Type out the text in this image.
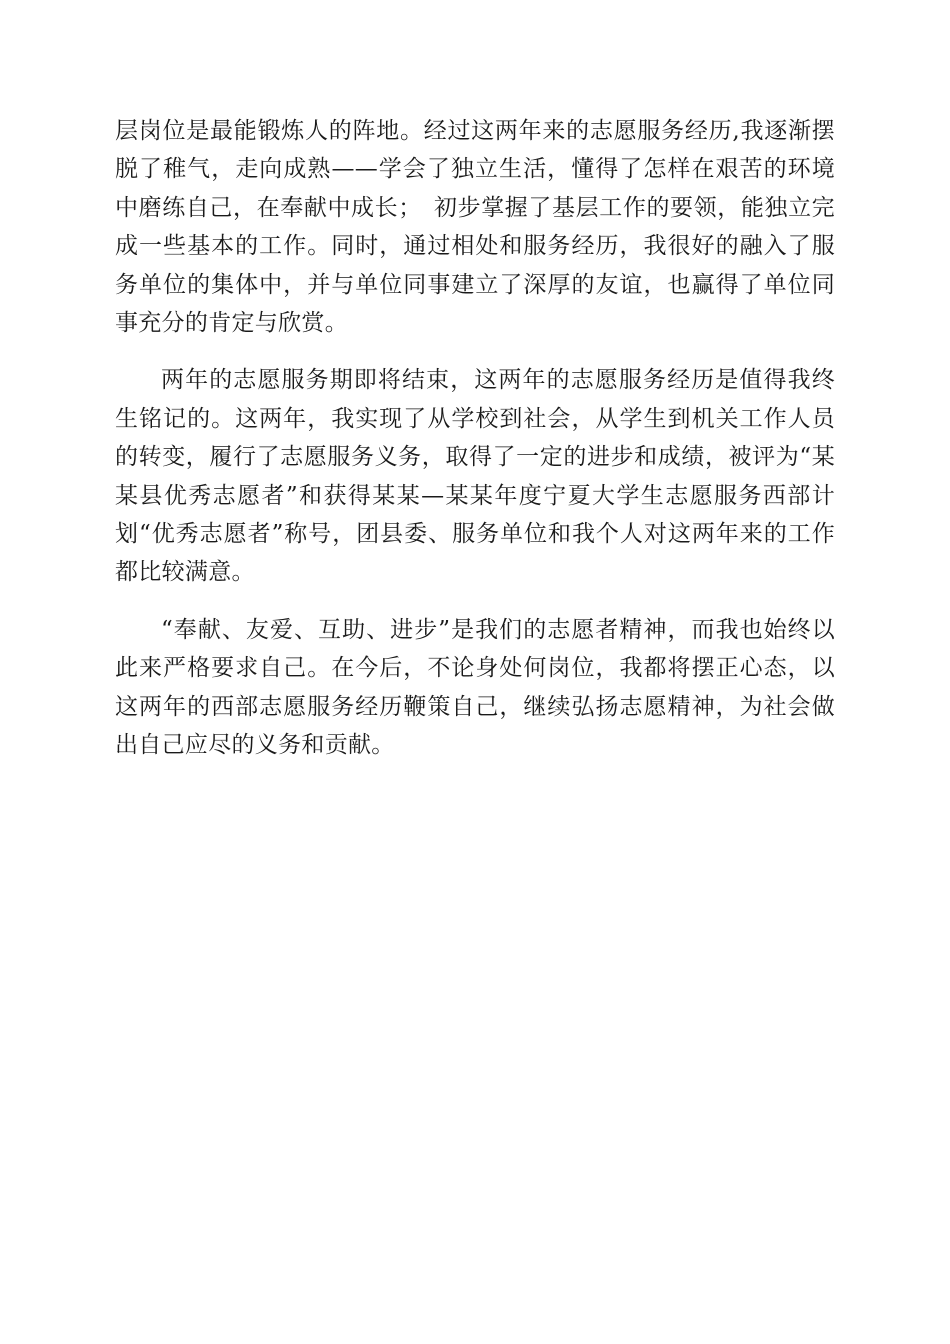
层岗位是最能锻炼人的阵地。经过这两年来的志愿服务经历,我逐渐摆脱了稚气，走向成熟——学会了独立生活，懂得了怎样在艰苦的环境中磨练自己，在奉献中成长；　初步掌握了基层工作的要领，能独立完成一些基本的工作。同时，通过相处和服务经历，我很好的融入了服务单位的集体中，并与单位同事建立了深厚的友谊，也赢得了单位同事充分的肯定与欣赏。

两年的志愿服务期即将结束，这两年的志愿服务经历是值得我终生铭记的。这两年，我实现了从学校到社会，从学生到机关工作人员的转变，履行了志愿服务义务，取得了一定的进步和成绩，被评为“某某县优秀志愿者”和获得某某—某某年度宁夏大学生志愿服务西部计划“优秀志愿者”称号，团县委、服务单位和我个人对这两年来的工作都比较满意。

“奉献、友爱、互助、进步”是我们的志愿者精神，而我也始终以此来严格要求自己。在今后，不论身处何岗位，我都将摆正心态，以这两年的西部志愿服务经历鞭策自己，继续弘扬志愿精神，为社会做出自己应尽的义务和贡献。
